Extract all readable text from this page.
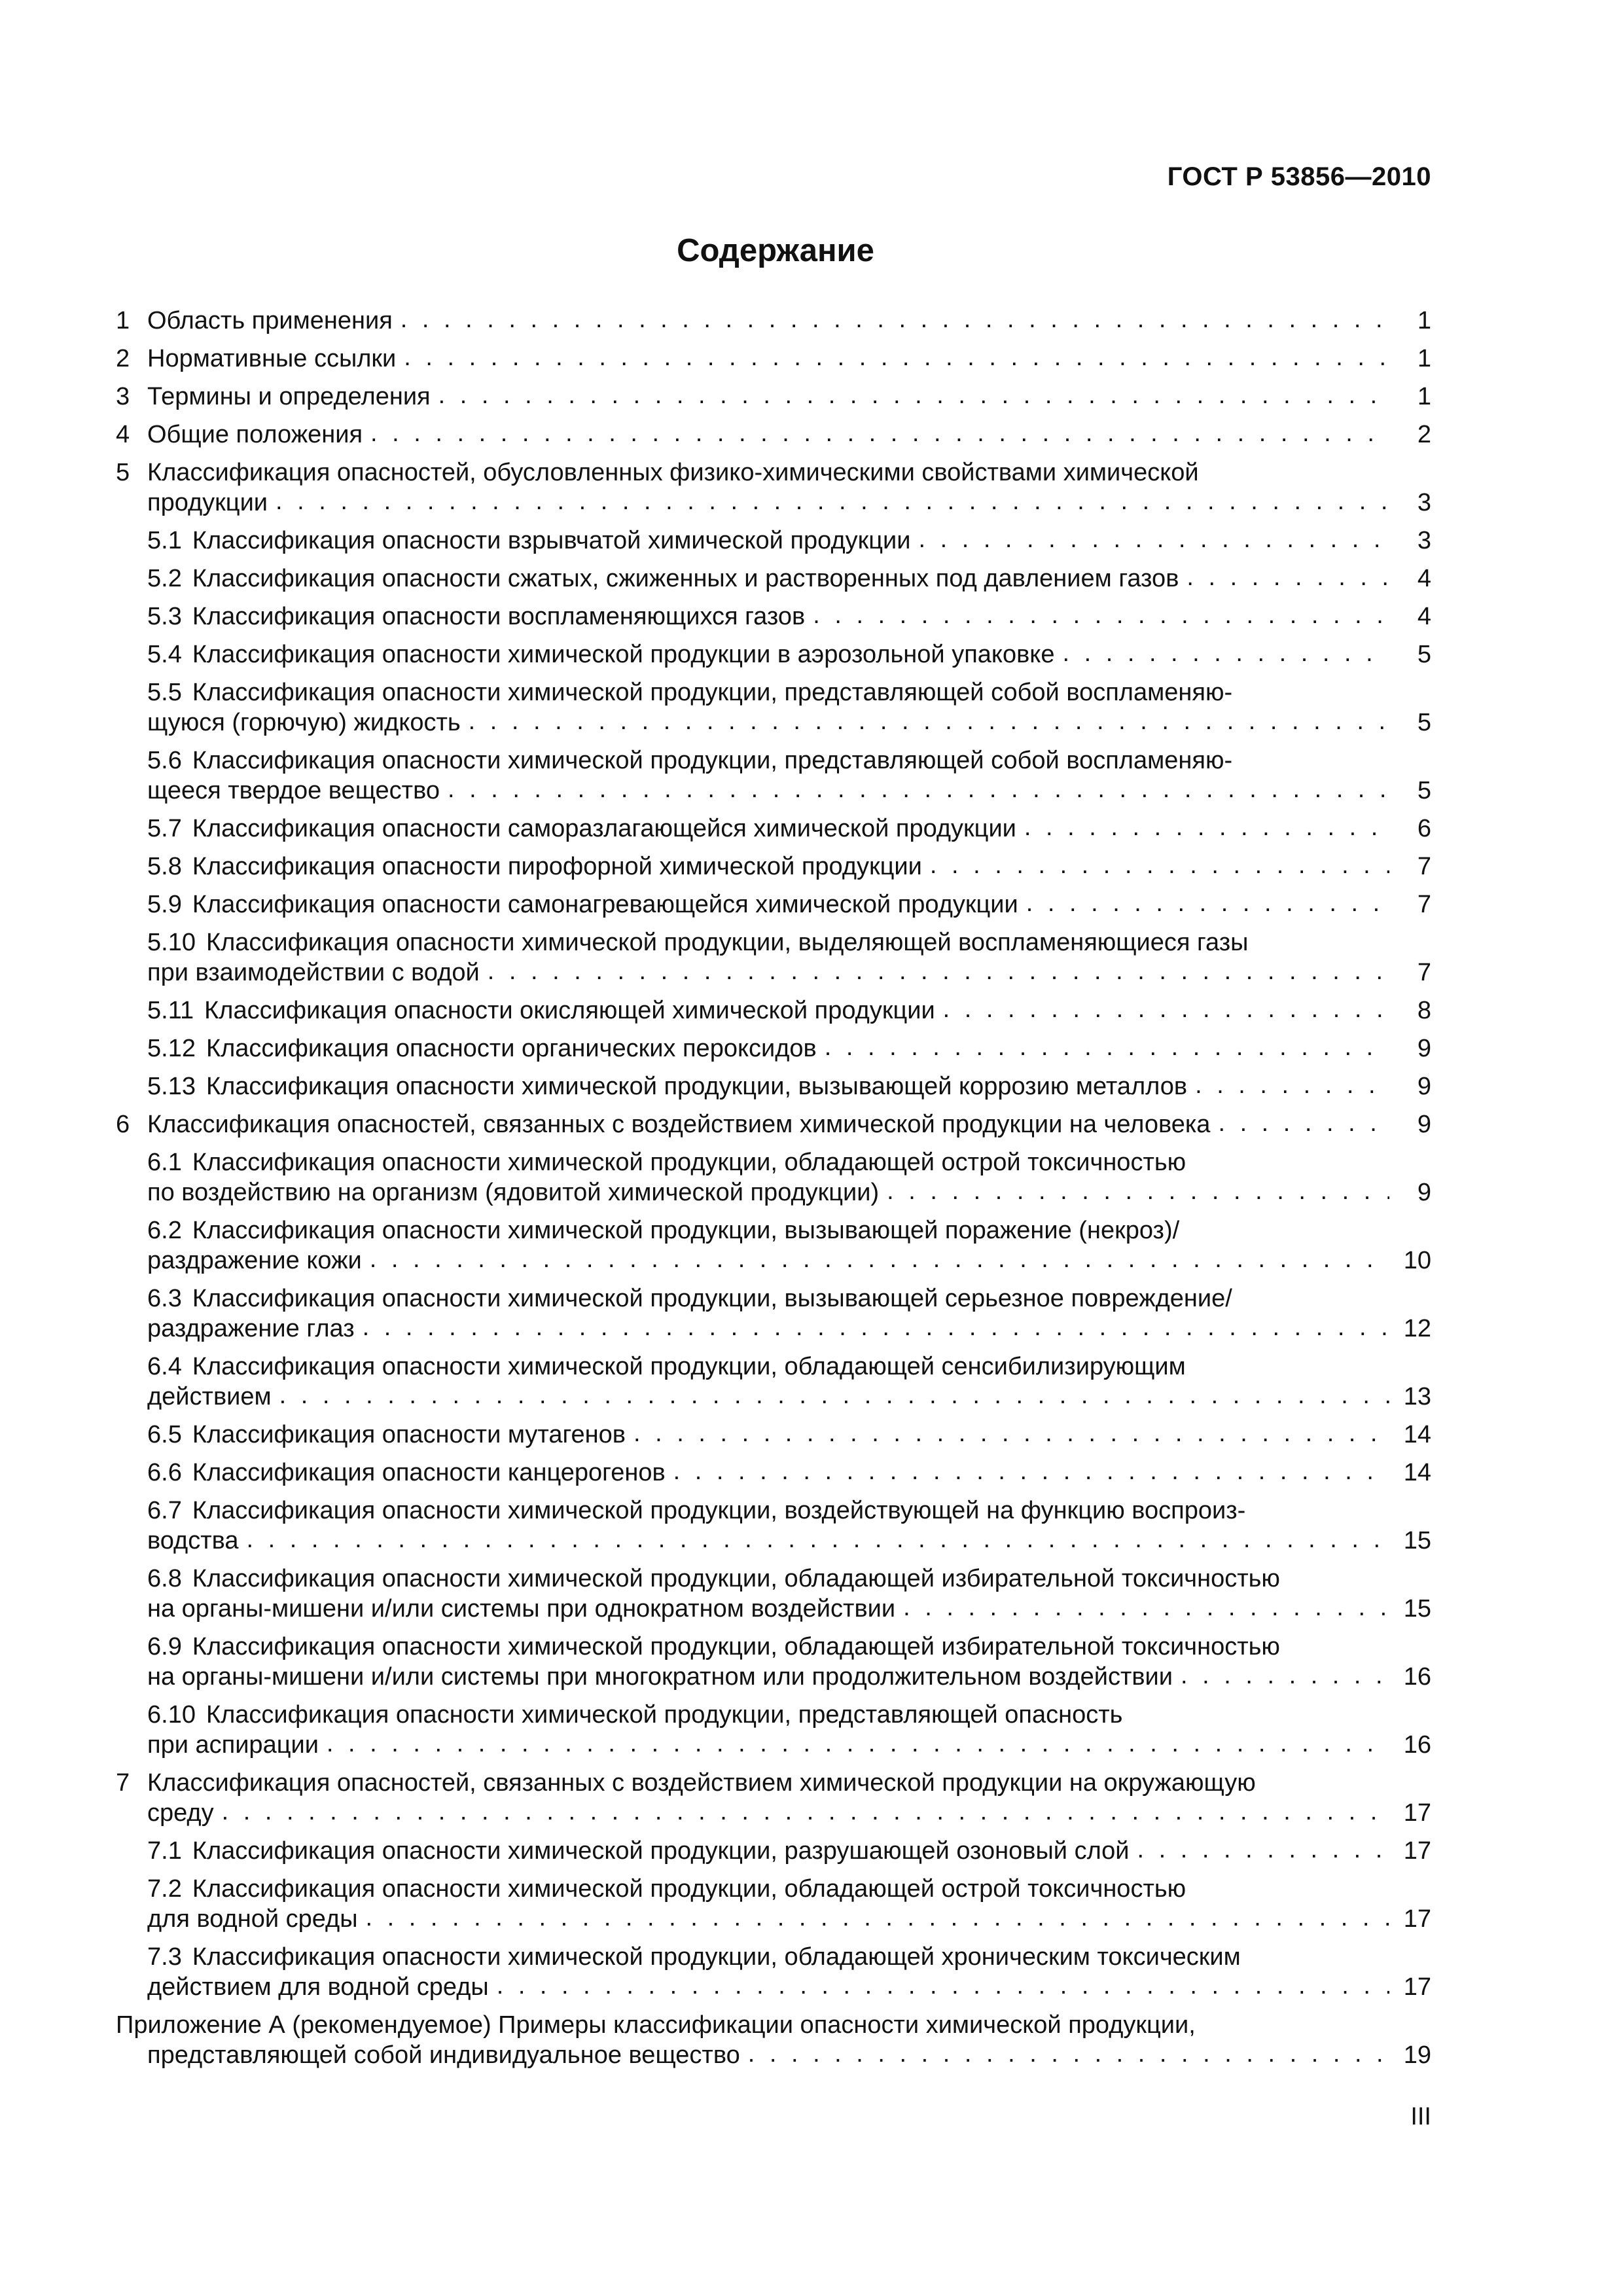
ГОСТ Р 53856—2010
Содержание
1 Область применения . . .	1
2 Нормативные ссылки . . .	1
3 Термины и определения . . .	1
4 Общие положения . . .	2
5 Классификация опасностей, обусловленных физико-химическими свойствами химической
продукции . . .	3
5.1 Классификация опасности взрывчатой химической продукции . . .	3
5.2 Классификация опасности сжатых, сжиженных и растворенных под давлением газов . . .	4
5.3 Классификация опасности воспламеняющихся газов . . .	4
5.4 Классификация опасности химической продукции в аэрозольной упаковке . . .	5
5.5 Классификация опасности химической продукции, представляющей собой воспламеняю-
щуюся (горючую) жидкость . . .	5
5.6 Классификация опасности химической продукции, представляющей собой воспламеняю-
щееся твердое вещество . . .	5
5.7 Классификация опасности саморазлагающейся химической продукции . . .	6
5.8 Классификация опасности пирофорной химической продукции . . .	7
5.9 Классификация опасности самонагревающейся химической продукции . . .	7
5.10 Классификация опасности химической продукции, выделяющей воспламеняющиеся газы
при взаимодействии с водой . . .	7
5.11 Классификация опасности окисляющей химической продукции . . .	8
5.12 Классификация опасности органических пероксидов . . .	9
5.13 Классификация опасности химической продукции, вызывающей коррозию металлов . . .	9
6 Классификация опасностей, связанных с воздействием химической продукции на человека . . .	9
6.1 Классификация опасности химической продукции, обладающей острой токсичностью
по воздействию на организм (ядовитой химической продукции) . . .	9
6.2 Классификация опасности химической продукции, вызывающей поражение (некроз)/
раздражение кожи . . .	10
6.3 Классификация опасности химической продукции, вызывающей серьезное повреждение/
раздражение глаз . . .	12
6.4 Классификация опасности химической продукции, обладающей сенсибилизирующим
действием . . .	13
6.5 Классификация опасности мутагенов . . .	14
6.6 Классификация опасности канцерогенов . . .	14
6.7 Классификация опасности химической продукции, воздействующей на функцию воспроиз-
водства . . .	15
6.8 Классификация опасности химической продукции, обладающей избирательной токсичностью
на органы-мишени и/или системы при однократном воздействии . . .	15
6.9 Классификация опасности химической продукции, обладающей избирательной токсичностью
на органы-мишени и/или системы при многократном или продолжительном воздействии . . .	16
6.10 Классификация опасности химической продукции, представляющей опасность
при аспирации . . .	16
7 Классификация опасностей, связанных с воздействием химической продукции на окружающую
среду . . .	17
7.1 Классификация опасности химической продукции, разрушающей озоновый слой . . .	17
7.2 Классификация опасности химической продукции, обладающей острой токсичностью
для водной среды . . .	17
7.3 Классификация опасности химической продукции, обладающей хроническим токсическим
действием для водной среды . . .	17
Приложение А (рекомендуемое) Примеры классификации опасности химической продукции,
представляющей собой индивидуальное вещество . . .	19
III
